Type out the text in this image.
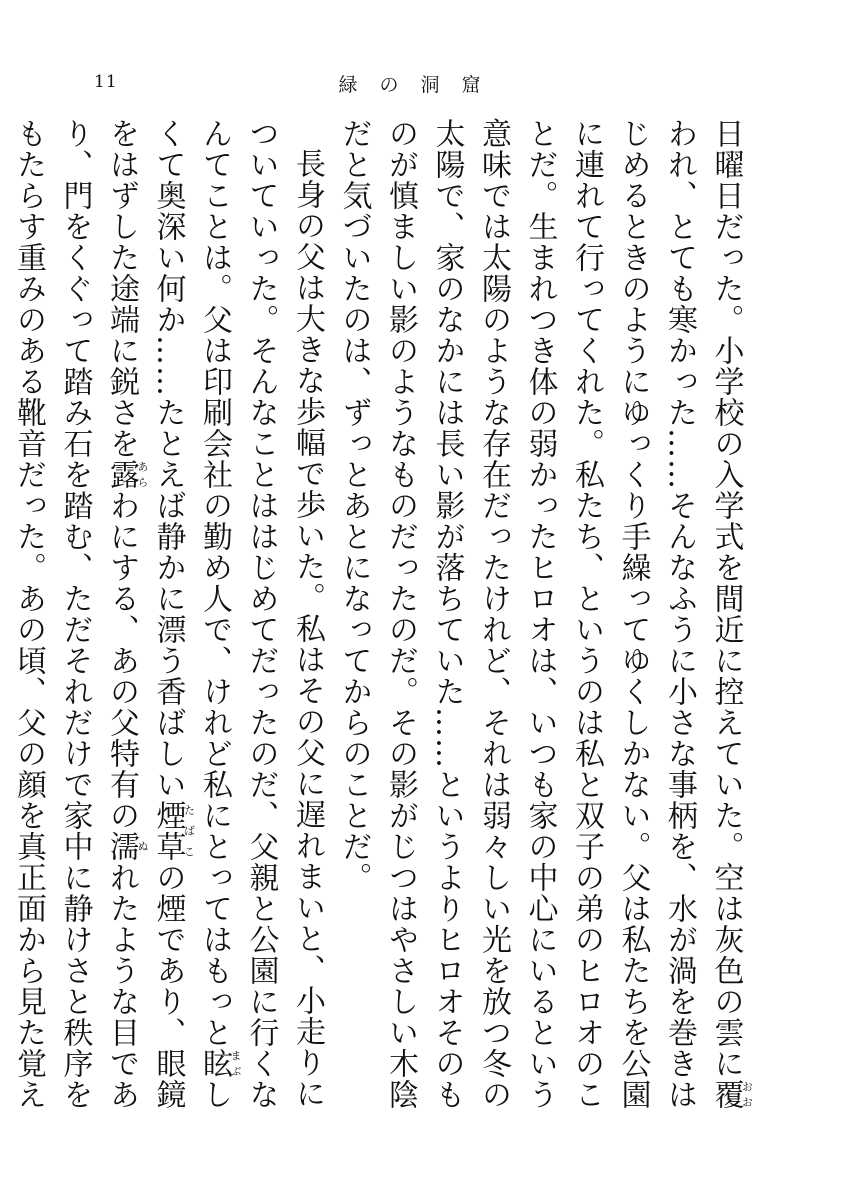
11	緑の洞窟

日曜日だった。小学校の入学式を間近に控えていた。空は灰色の雲に覆おおわれ、とても寒かった……そんなふうに小さな事柄を、水が渦を巻きはじめるときのようにゆっくり手繰ってゆくしかない。父は私たちを公園に連れて行ってくれた。私たち、というのは私と双子の弟のヒロオのことだ。生まれつき体の弱かったヒロオは、いつも家の中心にいるという意味では太陽のような存在だったけれど、それは弱々しい光を放つ冬の太陽で、家のなかには長い影が落ちていた……というよりヒロオそのものが慎ましい影のようなものだったのだ。その影がじつはやさしい木陰だと気づいたのは、ずっとあとになってからのことだ。

長身の父は大きな歩幅で歩いた。私はその父に遅れまいと、小走りについていった。そんなことははじめてだったのだ、父親と公園に行くなんてことは。父は印刷会社の勤め人で、けれど私にとってはもっと眩まぶしくて奥深い何か……たとえば静かに漂う香ばしい煙草たばこの煙であり、眼鏡をはずした途端に鋭さを露あらわにする、あの父特有の濡ぬれたような目であり、門をくぐって踏み石を踏む、ただそれだけで家中に静けさと秩序をもたらす重みのある靴音だった。あの頃、父の顔を真正面から見た覚え
